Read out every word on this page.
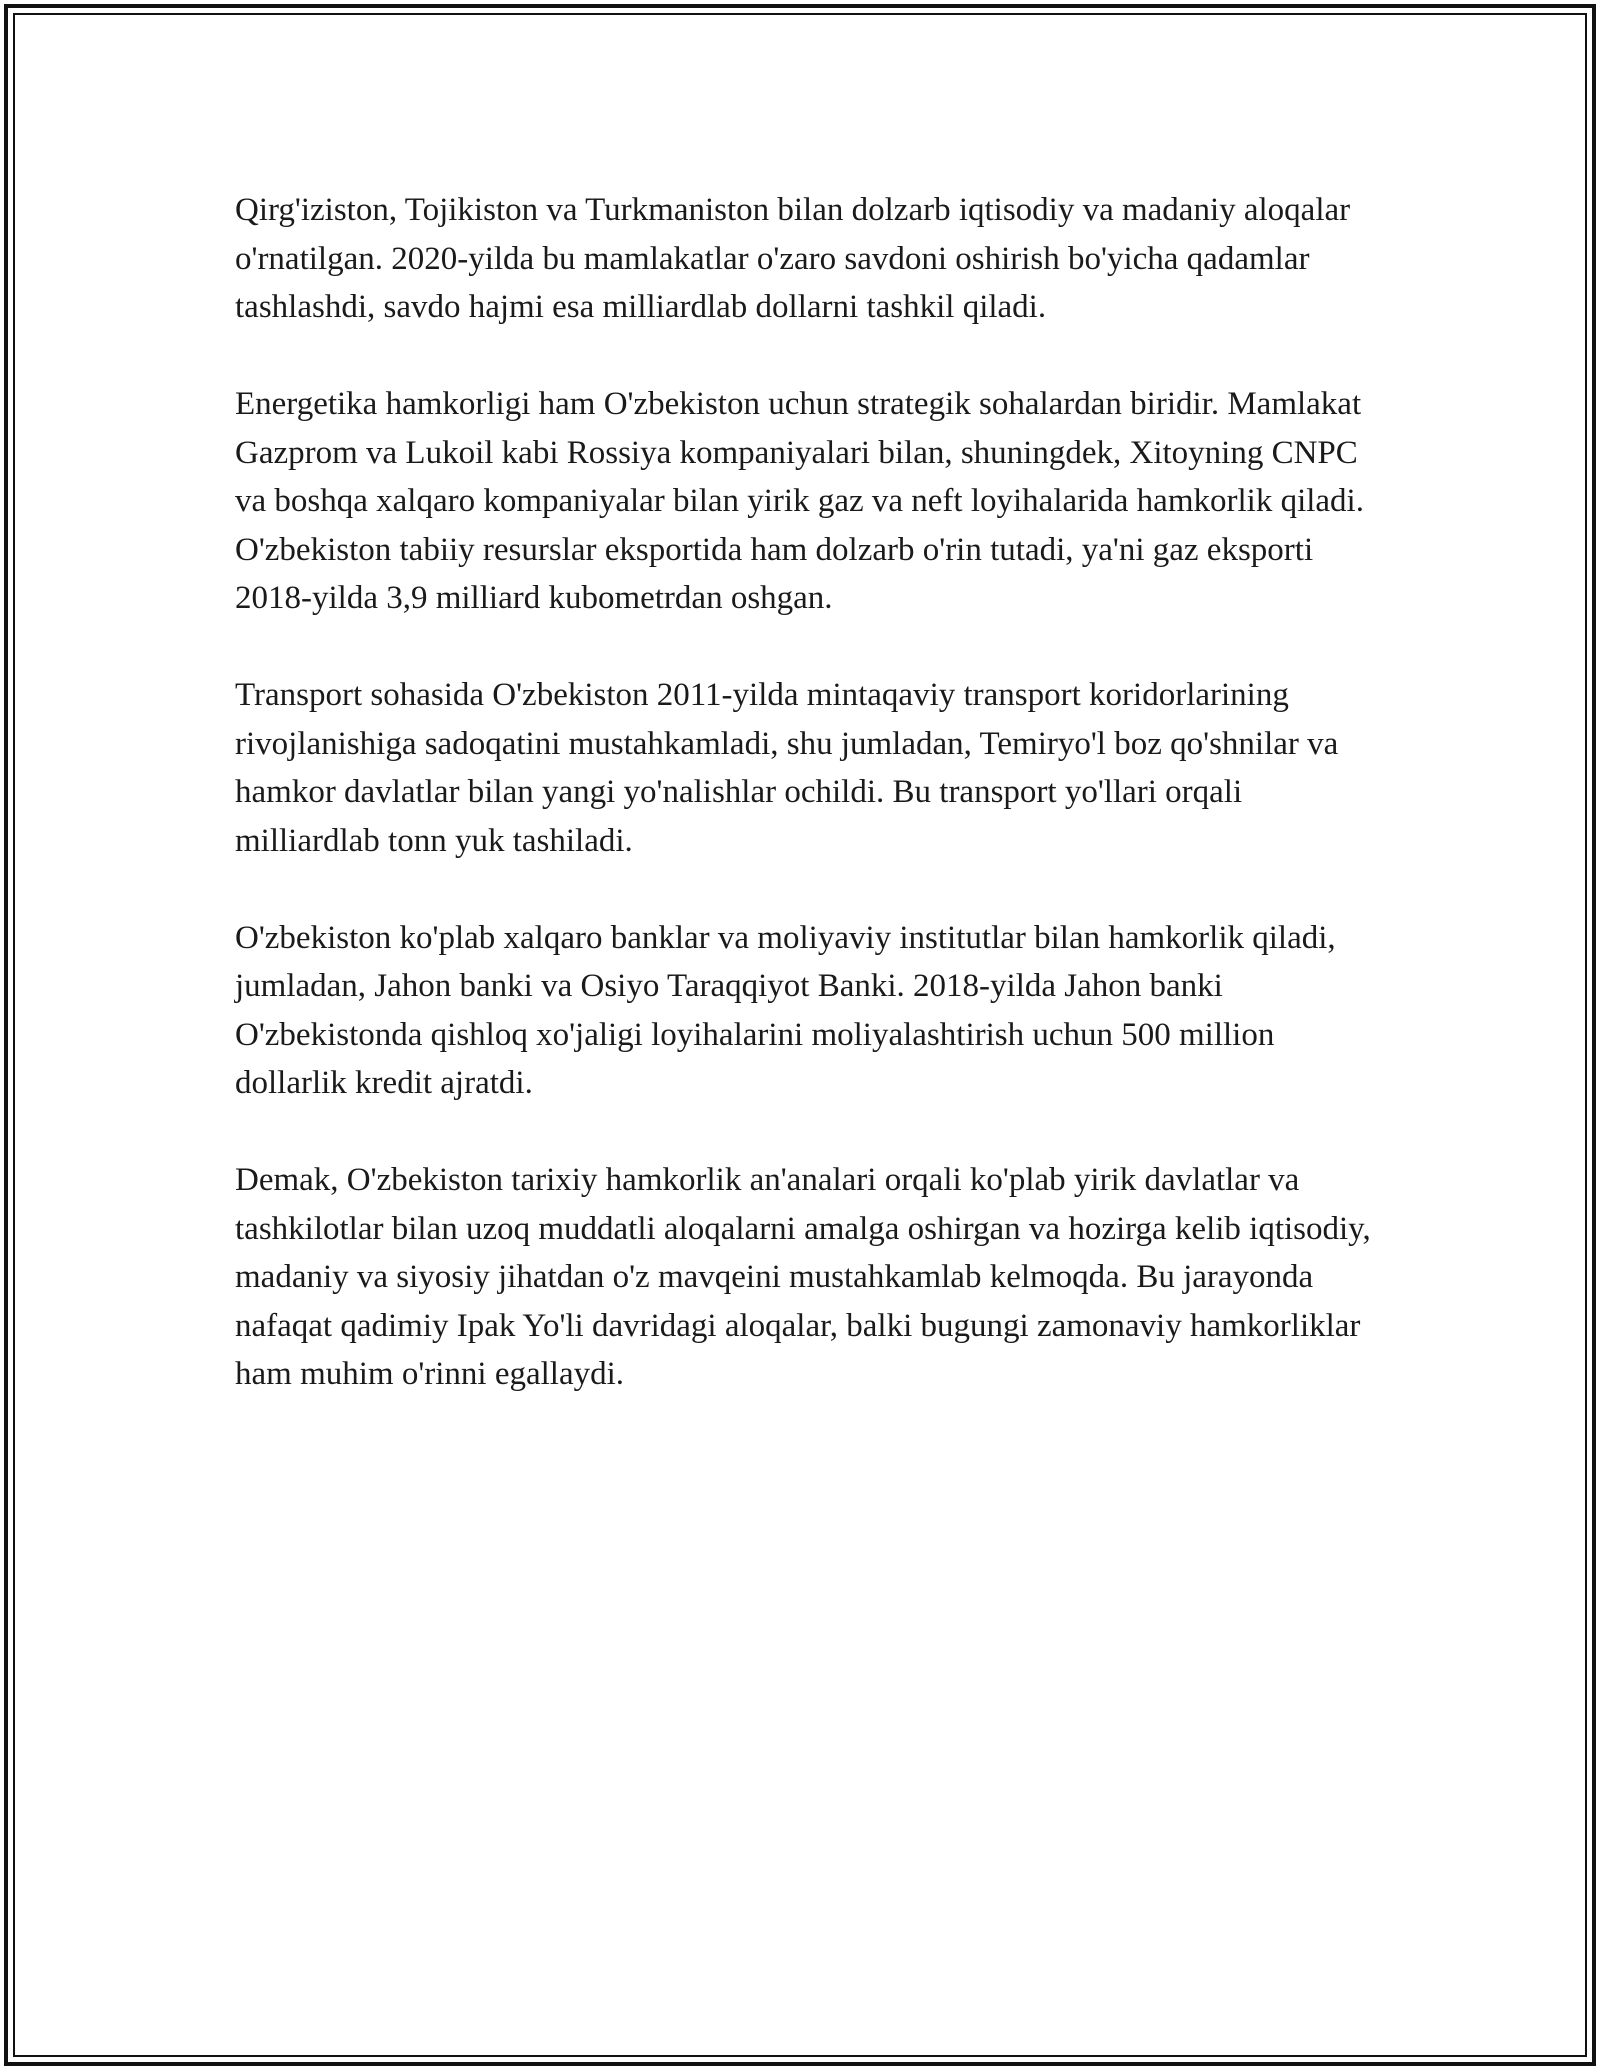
Qirg'iziston, Tojikiston va Turkmaniston bilan dolzarb iqtisodiy va madaniy aloqalar o'rnatilgan. 2020-yilda bu mamlakatlar o'zaro savdoni oshirish bo'yicha qadamlar tashlashdi, savdo hajmi esa milliardlab dollarni tashkil qiladi.

Energetika hamkorligi ham O'zbekiston uchun strategik sohalardan biridir. Mamlakat Gazprom va Lukoil kabi Rossiya kompaniyalari bilan, shuningdek, Xitoyning CNPC va boshqa xalqaro kompaniyalar bilan yirik gaz va neft loyihalarida hamkorlik qiladi. O'zbekiston tabiiy resurslar eksportida ham dolzarb o'rin tutadi, ya'ni gaz eksporti 2018-yilda 3,9 milliard kubometrdan oshgan.

Transport sohasida O'zbekiston 2011-yilda mintaqaviy transport koridorlarining rivojlanishiga sadoqatini mustahkamladi, shu jumladan, Temiryo'l boz qo'shnilar va hamkor davlatlar bilan yangi yo'nalishlar ochildi. Bu transport yo'llari orqali milliardlab tonn yuk tashiladi.

O'zbekiston ko'plab xalqaro banklar va moliyaviy institutlar bilan hamkorlik qiladi, jumladan, Jahon banki va Osiyo Taraqqiyot Banki. 2018-yilda Jahon banki O'zbekistonda qishloq xo'jaligi loyihalarini moliyalashtirish uchun 500 million dollarlik kredit ajratdi.

Demak, O'zbekiston tarixiy hamkorlik an'analari orqali ko'plab yirik davlatlar va tashkilotlar bilan uzoq muddatli aloqalarni amalga oshirgan va hozirga kelib iqtisodiy, madaniy va siyosiy jihatdan o'z mavqeini mustahkamlab kelmoqda. Bu jarayonda nafaqat qadimiy Ipak Yo'li davridagi aloqalar, balki bugungi zamonaviy hamkorliklar ham muhim o'rinni egallaydi.
